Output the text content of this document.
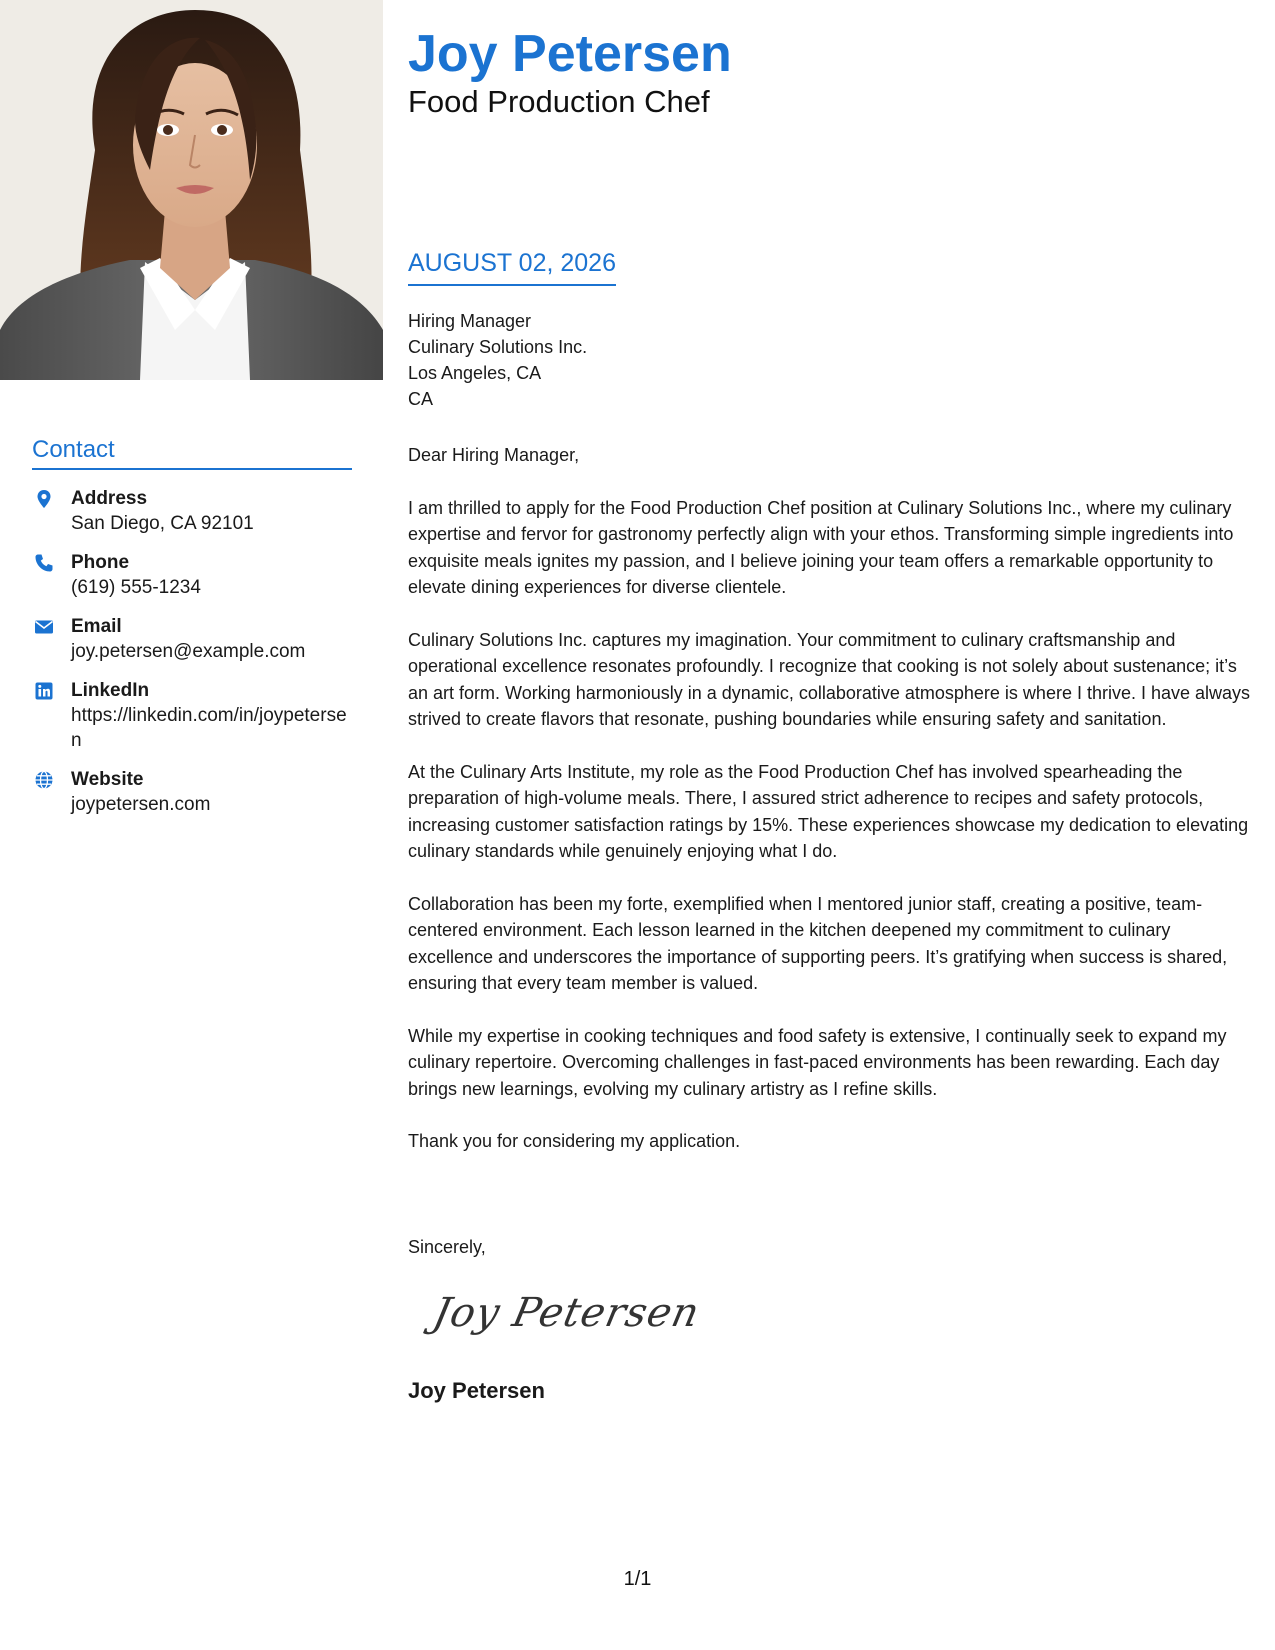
Contact
Address
San Diego, CA 92101
Phone
(619) 555-1234
Email
joy.petersen@example.com
LinkedIn
https://linkedin.com/in/joypetersen
Website
joypetersen.com
Joy Petersen
Food Production Chef
AUGUST 02, 2026
Hiring Manager
Culinary Solutions Inc.
Los Angeles, CA
CA

Dear Hiring Manager,

I am thrilled to apply for the Food Production Chef position at Culinary Solutions Inc., where my culinary expertise and fervor for gastronomy perfectly align with your ethos. Transforming simple ingredients into exquisite meals ignites my passion, and I believe joining your team offers a remarkable opportunity to elevate dining experiences for diverse clientele.

Culinary Solutions Inc. captures my imagination. Your commitment to culinary craftsmanship and operational excellence resonates profoundly. I recognize that cooking is not solely about sustenance; it’s an art form. Working harmoniously in a dynamic, collaborative atmosphere is where I thrive. I have always strived to create flavors that resonate, pushing boundaries while ensuring safety and sanitation.

At the Culinary Arts Institute, my role as the Food Production Chef has involved spearheading the preparation of high-volume meals. There, I assured strict adherence to recipes and safety protocols, increasing customer satisfaction ratings by 15%. These experiences showcase my dedication to elevating culinary standards while genuinely enjoying what I do.

Collaboration has been my forte, exemplified when I mentored junior staff, creating a positive, team-centered environment. Each lesson learned in the kitchen deepened my commitment to culinary excellence and underscores the importance of supporting peers. It’s gratifying when success is shared, ensuring that every team member is valued.

While my expertise in cooking techniques and food safety is extensive, I continually seek to expand my culinary repertoire. Overcoming challenges in fast-paced environments has been rewarding. Each day brings new learnings, evolving my culinary artistry as I refine skills.

Thank you for considering my application.

Sincerely,
Joy Petersen
Joy Petersen
1/1
